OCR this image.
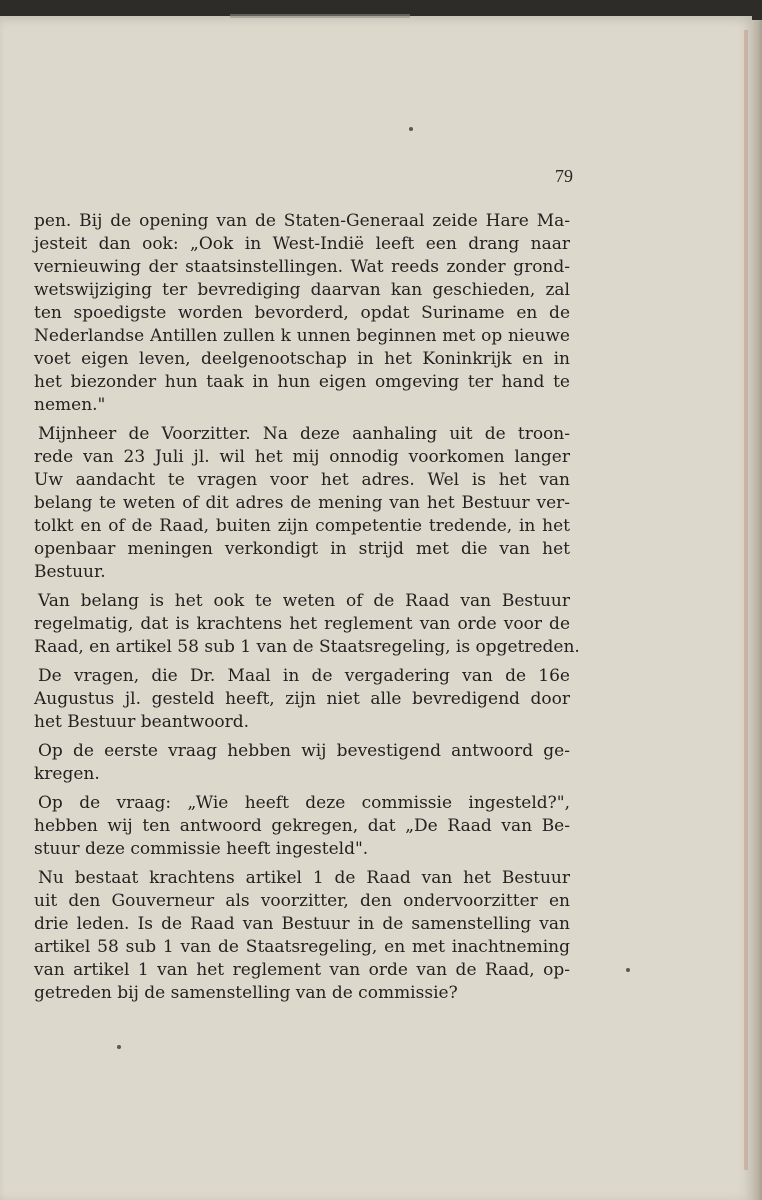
79

pen. Bij de opening van de Staten-Generaal zeide Hare Ma-
jesteit dan ook: „Ook in West-Indië leeft een drang naar
vernieuwing der staatsinstellingen. Wat reeds zonder grond-
wetswijziging ter bevrediging daarvan kan geschieden, zal
ten spoedigste worden bevorderd, opdat Suriname en de
Nederlandse Antillen zullen k unnen beginnen met op nieuwe
voet eigen leven, deelgenootschap in het Koninkrijk en in
het biezonder hun taak in hun eigen omgeving ter hand te
nemen."

Mijnheer de Voorzitter. Na deze aanhaling uit de troon-
rede van 23 Juli jl. wil het mij onnodig voorkomen langer
Uw aandacht te vragen voor het adres. Wel is het van
belang te weten of dit adres de mening van het Bestuur ver-
tolkt en of de Raad, buiten zijn competentie tredende, in het
openbaar meningen verkondigt in strijd met die van het
Bestuur.

Van belang is het ook te weten of de Raad van Bestuur
regelmatig, dat is krachtens het reglement van orde voor de
Raad, en artikel 58 sub 1 van de Staatsregeling, is opgetreden.

De vragen, die Dr. Maal in de vergadering van de 16e
Augustus jl. gesteld heeft, zijn niet alle bevredigend door
het Bestuur beantwoord.

Op de eerste vraag hebben wij bevestigend antwoord ge-
kregen.

Op de vraag: „Wie heeft deze commissie ingesteld?",
hebben wij ten antwoord gekregen, dat „De Raad van Be-
stuur deze commissie heeft ingesteld".

Nu bestaat krachtens artikel 1 de Raad van het Bestuur
uit den Gouverneur als voorzitter, den ondervoorzitter en
drie leden. Is de Raad van Bestuur in de samenstelling van
artikel 58 sub 1 van de Staatsregeling, en met inachtneming
van artikel 1 van het reglement van orde van de Raad, op-
getreden bij de samenstelling van de commissie?
